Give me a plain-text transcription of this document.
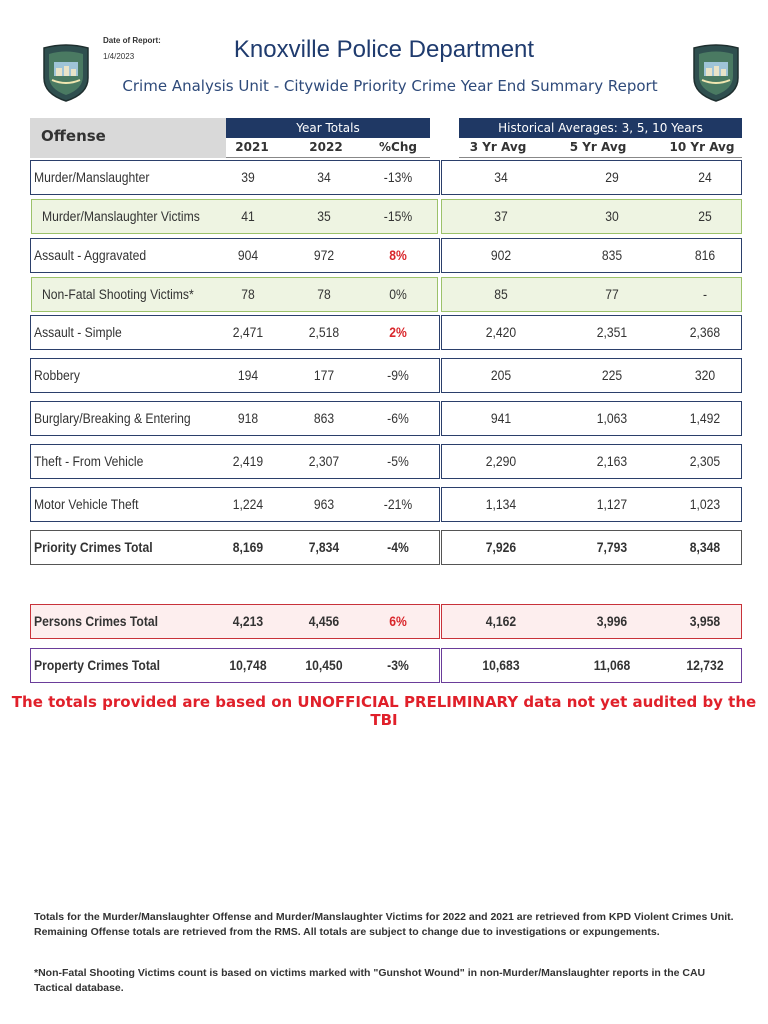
Date of Report:
1/4/2023	Knoxville Police Department
Crime Analysis Unit - Citywide Priority Crime Year End Summary Report
Offense	Year Totals	Historical Averages: 3, 5, 10 Years
2021	2022	%Chg	3 Yr Avg	5 Yr Avg	10 Yr Avg
Murder/Manslaughter	39	34	-13%	34	29	24
Murder/Manslaughter Victims	41	35	-15%	37	30	25
Assault - Aggravated	904	972	8%	902	835	816
Non-Fatal Shooting Victims*	78	78	0%	85	77	-
Assault - Simple	2,471	2,518	2%	2,420	2,351	2,368
Robbery	194	177	-9%	205	225	320
Burglary/Breaking & Entering	918	863	-6%	941	1,063	1,492
Theft - From Vehicle	2,419	2,307	-5%	2,290	2,163	2,305
Motor Vehicle Theft	1,224	963	-21%	1,134	1,127	1,023
Priority Crimes Total	8,169	7,834	-4%	7,926	7,793	8,348
Persons Crimes Total	4,213	4,456	6%	4,162	3,996	3,958
Property Crimes Total	10,748	10,450	-3%	10,683	11,068	12,732
The totals provided are based on UNOFFICIAL PRELIMINARY data not yet audited by the TBI
Totals for the Murder/Manslaughter Offense and Murder/Manslaughter Victims for 2022 and 2021 are retrieved from KPD Violent Crimes Unit. Remaining Offense totals are retrieved from the RMS. All totals are subject to change due to investigations or expungements.
*Non-Fatal Shooting Victims count is based on victims marked with "Gunshot Wound" in non-Murder/Manslaughter reports in the CAU Tactical database.
